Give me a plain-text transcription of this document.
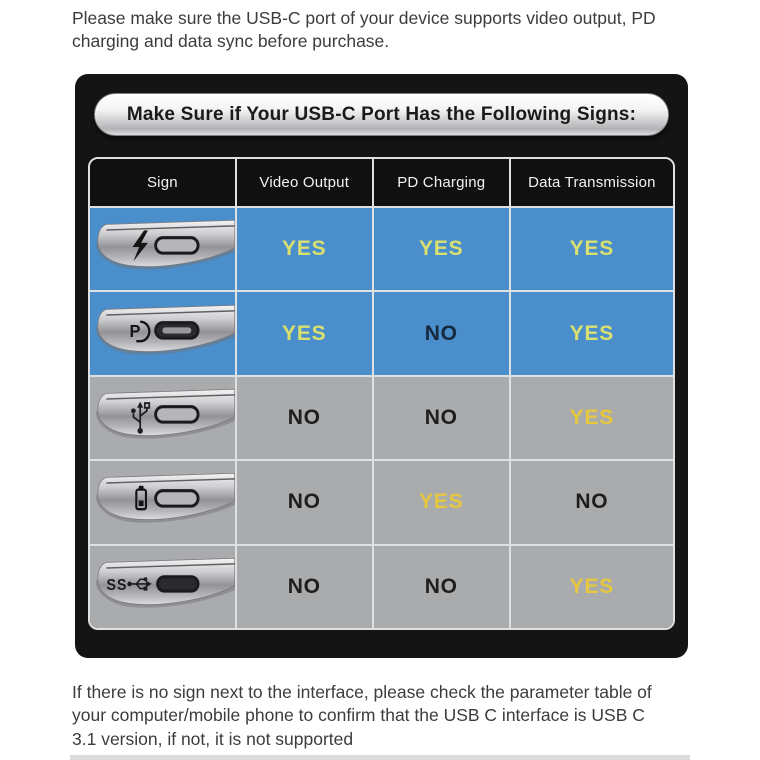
Please make sure the USB-C port of your device supports video output, PD charging and data sync before purchase.

Make Sure if Your USB-C Port Has the Following Signs:
Sign	Video Output	PD Charging	Data Transmission

	YES	YES	YES

P	YES	NO	YES

	NO	NO	YES

	NO	YES	NO

SS	NO	NO	YES

If there is no sign next to the interface, please check the parameter table of your computer/mobile phone to confirm that the USB C interface is USB C 3.1 version, if not, it is not supported
